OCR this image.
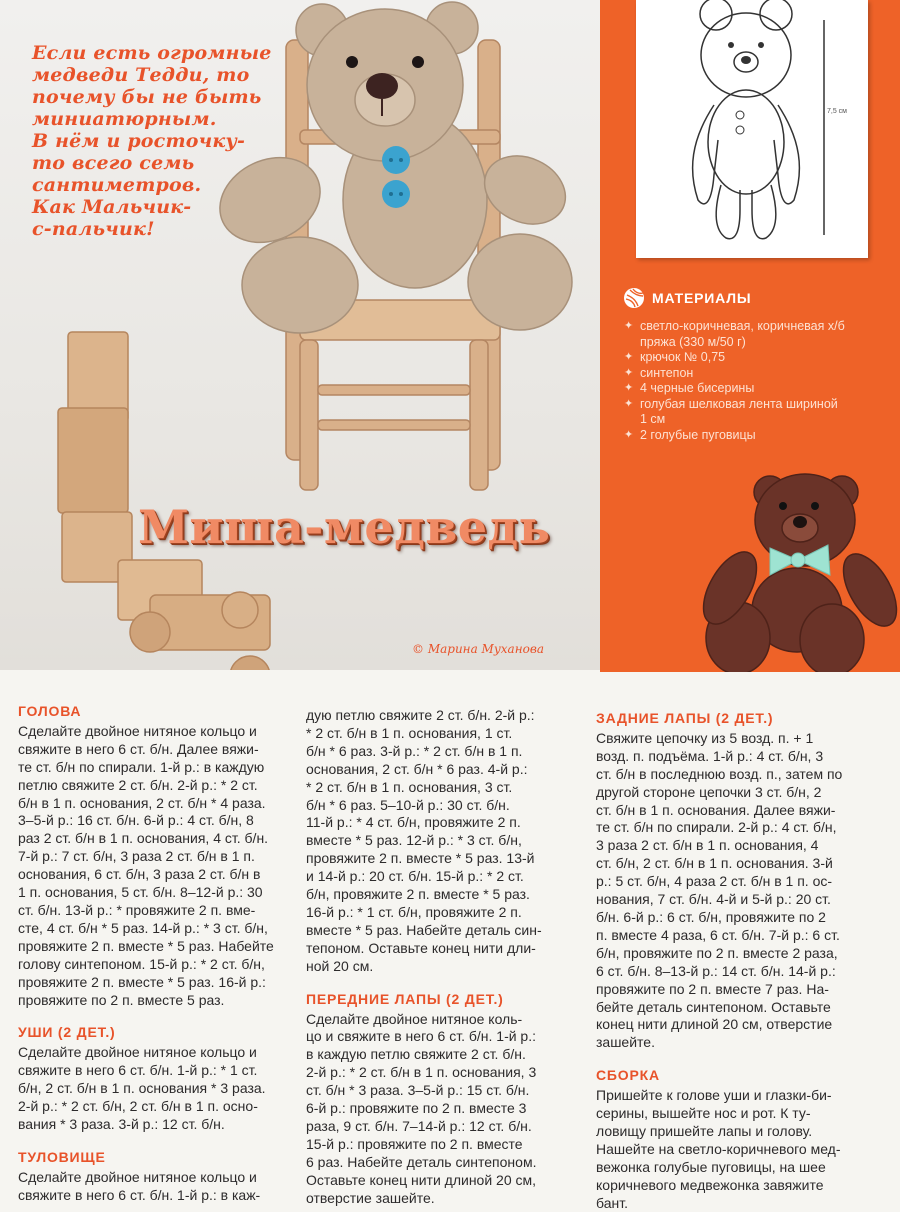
Если есть огромные
медведи Тедди, то
почему бы не быть
миниатюрным.
В нём и росточку-
то всего семь
сантиметров.
Как Мальчик-
с-пальчик!
Миша-медведь
© Марина Муханова
7,5 см
МАТЕРИАЛЫ
✦ светло-коричневая, коричневая х/б
пряжа (330 м/50 г)
✦ крючок № 0,75
✦ синтепон
✦ 4 черные бисерины
✦ голубая шелковая лента шириной
1 см
✦ 2 голубые пуговицы
ГОЛОВА

Сделайте двойное нитяное кольцо и

свяжите в него 6 ст. б/н. Далее вяжи-

те ст. б/н по спирали. 1-й р.: в каждую

петлю свяжите 2 ст. б/н. 2-й р.: * 2 ст.

б/н в 1 п. основания, 2 ст. б/н * 4 раза.

3–5-й р.: 16 ст. б/н. 6-й р.: 4 ст. б/н, 8

раз 2 ст. б/н в 1 п. основания, 4 ст. б/н.

7-й р.: 7 ст. б/н, 3 раза 2 ст. б/н в 1 п.

основания, 6 ст. б/н, 3 раза 2 ст. б/н в

1 п. основания, 5 ст. б/н. 8–12-й р.: 30

ст. б/н. 13-й р.: * провяжите 2 п. вме-

сте, 4 ст. б/н * 5 раз. 14-й р.: * 3 ст. б/н,

провяжите 2 п. вместе * 5 раз. Набейте

голову синтепоном. 15-й р.: * 2 ст. б/н,

провяжите 2 п. вместе * 5 раз. 16-й р.:

провяжите по 2 п. вместе 5 раз.

УШИ (2 ДЕТ.)

Сделайте двойное нитяное кольцо и

свяжите в него 6 ст. б/н. 1-й р.: * 1 ст.

б/н, 2 ст. б/н в 1 п. основания * 3 раза.

2-й р.: * 2 ст. б/н, 2 ст. б/н в 1 п. осно-

вания * 3 раза. 3-й р.: 12 ст. б/н.

ТУЛОВИЩЕ

Сделайте двойное нитяное кольцо и

свяжите в него 6 ст. б/н. 1-й р.: в каж-

дую петлю свяжите 2 ст. б/н. 2-й р.:

* 2 ст. б/н в 1 п. основания, 1 ст.

б/н * 6 раз. 3-й р.: * 2 ст. б/н в 1 п.

основания, 2 ст. б/н * 6 раз. 4-й р.:

* 2 ст. б/н в 1 п. основания, 3 ст.

б/н * 6 раз. 5–10-й р.: 30 ст. б/н.

11-й р.: * 4 ст. б/н, провяжите 2 п.

вместе * 5 раз. 12-й р.: * 3 ст. б/н,

провяжите 2 п. вместе * 5 раз. 13-й

и 14-й р.: 20 ст. б/н. 15-й р.: * 2 ст.

б/н, провяжите 2 п. вместе * 5 раз.

16-й р.: * 1 ст. б/н, провяжите 2 п.

вместе * 5 раз. Набейте деталь син-

тепоном. Оставьте конец нити дли-

ной 20 см.

ПЕРЕДНИЕ ЛАПЫ (2 ДЕТ.)

Сделайте двойное нитяное коль-

цо и свяжите в него 6 ст. б/н. 1-й р.:

в каждую петлю свяжите 2 ст. б/н.

2-й р.: * 2 ст. б/н в 1 п. основания, 3

ст. б/н * 3 раза. 3–5-й р.: 15 ст. б/н.

6-й р.: провяжите по 2 п. вместе 3

раза, 9 ст. б/н. 7–14-й р.: 12 ст. б/н.

15-й р.: провяжите по 2 п. вместе

6 раз. Набейте деталь синтепоном.

Оставьте конец нити длиной 20 см,

отверстие зашейте.

ЗАДНИЕ ЛАПЫ (2 ДЕТ.)

Свяжите цепочку из 5 возд. п. + 1

возд. п. подъёма. 1-й р.: 4 ст. б/н, 3

ст. б/н в последнюю возд. п., затем по

другой стороне цепочки 3 ст. б/н, 2

ст. б/н в 1 п. основания. Далее вяжи-

те ст. б/н по спирали. 2-й р.: 4 ст. б/н,

3 раза 2 ст. б/н в 1 п. основания, 4

ст. б/н, 2 ст. б/н в 1 п. основания. 3-й

р.: 5 ст. б/н, 4 раза 2 ст. б/н в 1 п. ос-

нования, 7 ст. б/н. 4-й и 5-й р.: 20 ст.

б/н. 6-й р.: 6 ст. б/н, провяжите по 2

п. вместе 4 раза, 6 ст. б/н. 7-й р.: 6 ст.

б/н, провяжите по 2 п. вместе 2 раза,

6 ст. б/н. 8–13-й р.: 14 ст. б/н. 14-й р.:

провяжите по 2 п. вместе 7 раз. На-

бейте деталь синтепоном. Оставьте

конец нити длиной 20 см, отверстие

зашейте.

СБОРКА

Пришейте к голове уши и глазки-би-

серины, вышейте нос и рот. К ту-

ловищу пришейте лапы и голову.

Нашейте на светло-коричневого мед-

вежонка голубые пуговицы, на шее

коричневого медвежонка завяжите

бант.
